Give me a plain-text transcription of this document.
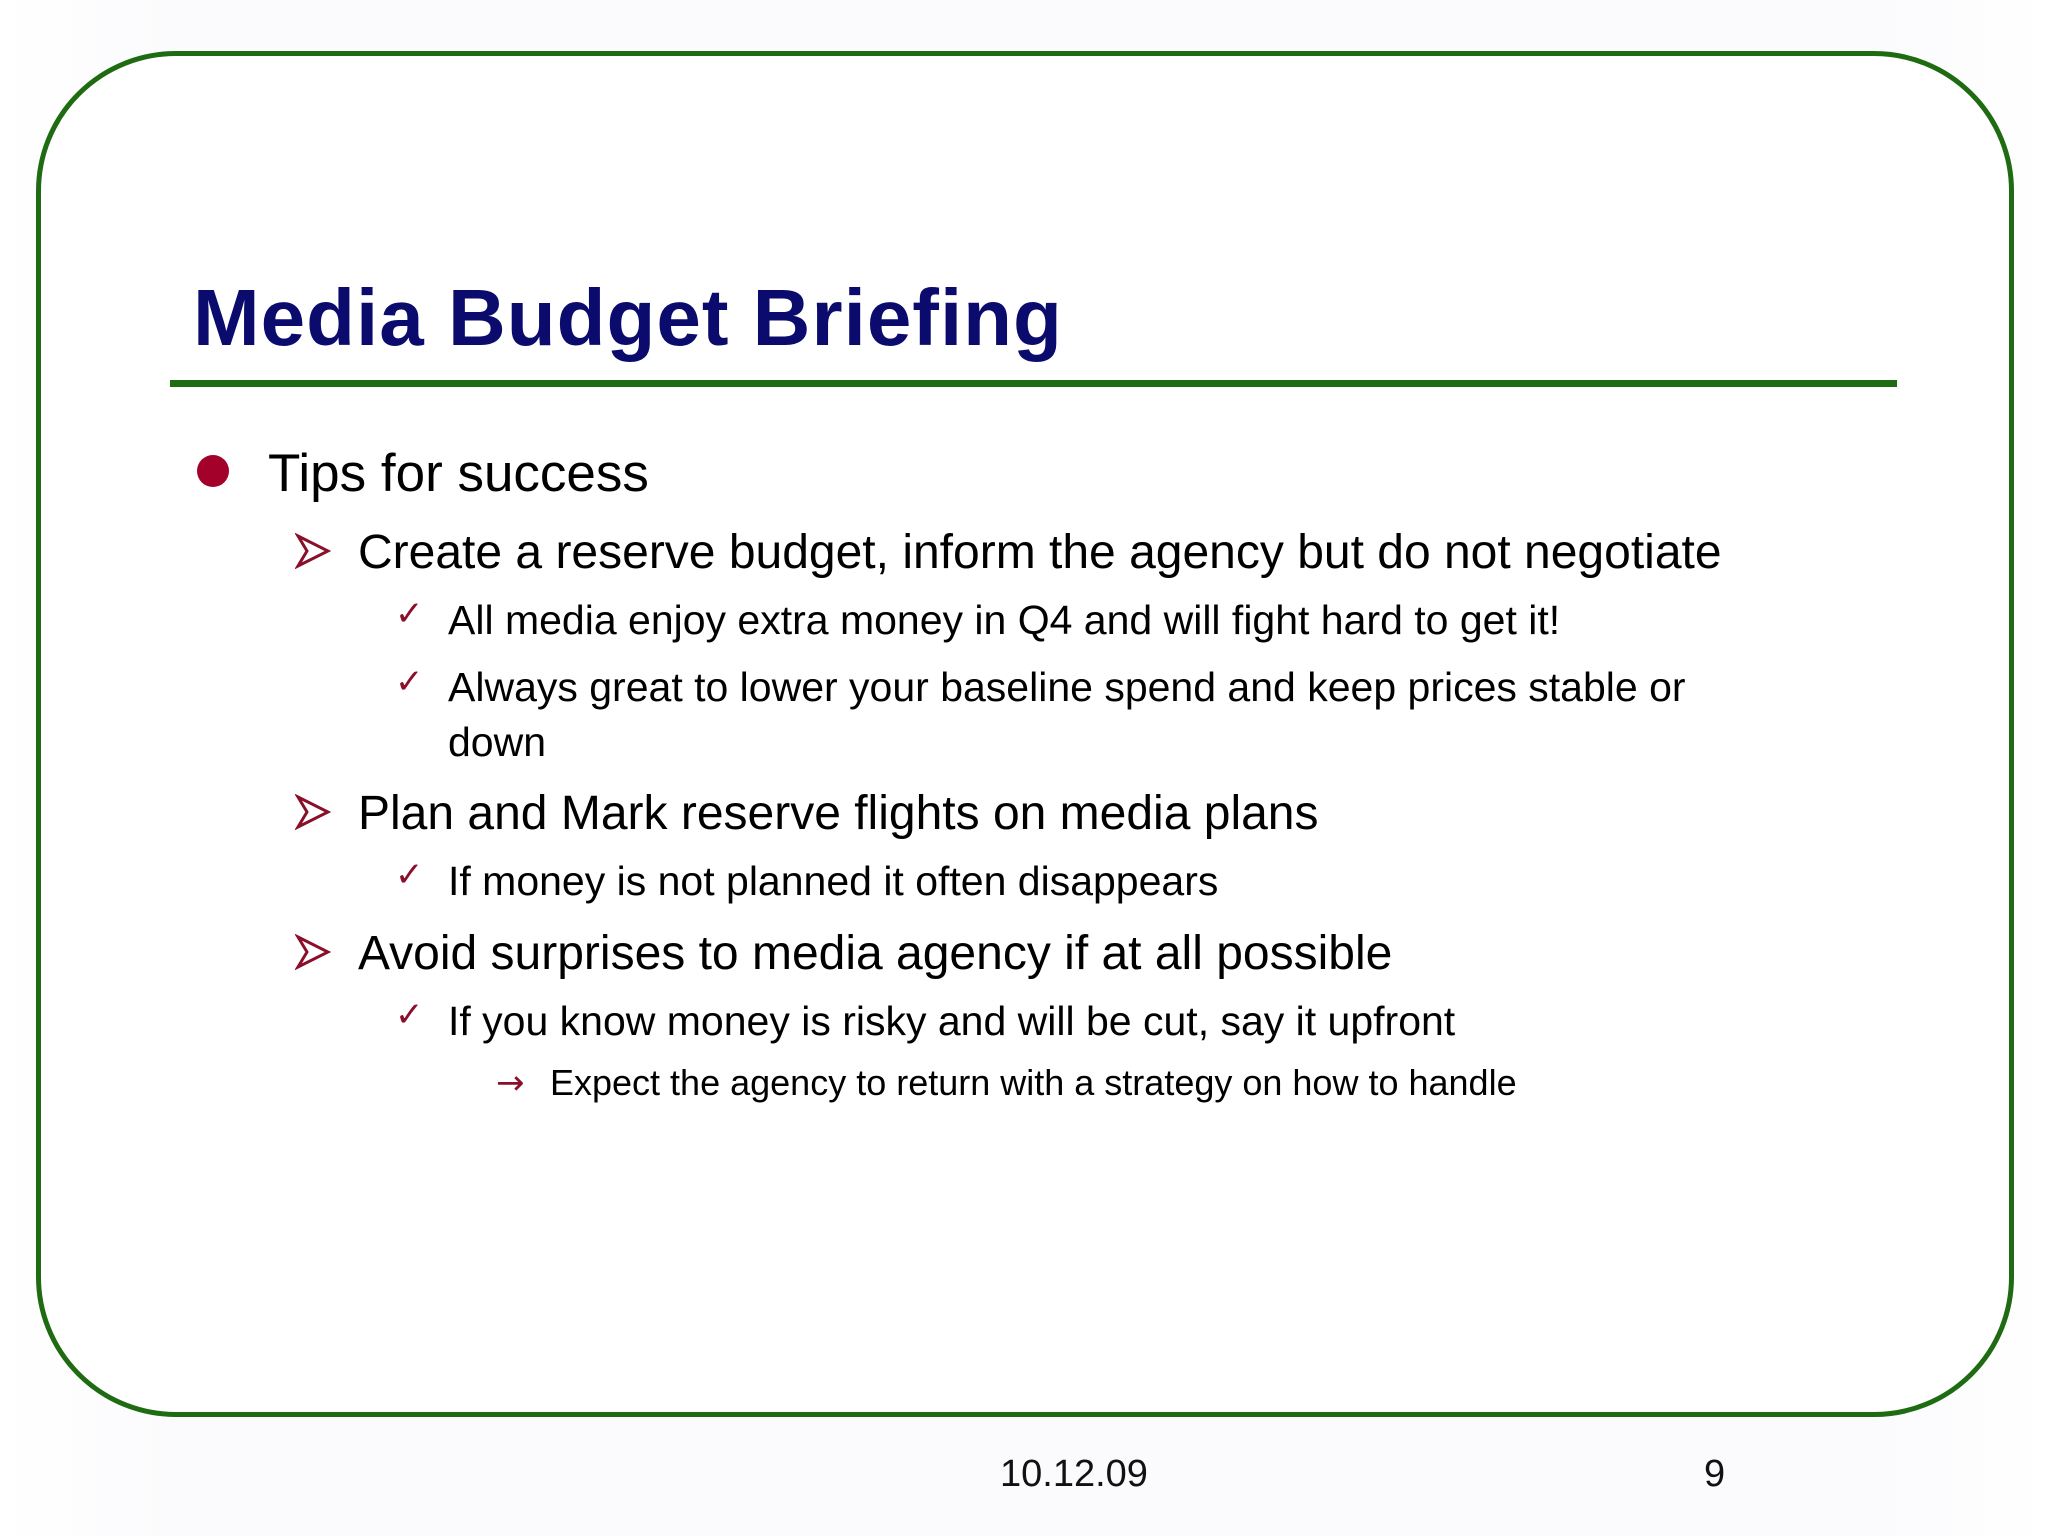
Media Budget Briefing
Tips for success
Create a reserve budget, inform the agency but do not negotiate
✓ All media enjoy extra money in Q4 and will fight hard to get it!
✓ Always great to lower your baseline spend and keep prices stable or
down
Plan and Mark reserve flights on media plans
✓ If money is not planned it often disappears
Avoid surprises to media agency if at all possible
✓ If you know money is risky and will be cut, say it upfront
→ Expect the agency to return with a strategy on how to handle
10.12.09	9
